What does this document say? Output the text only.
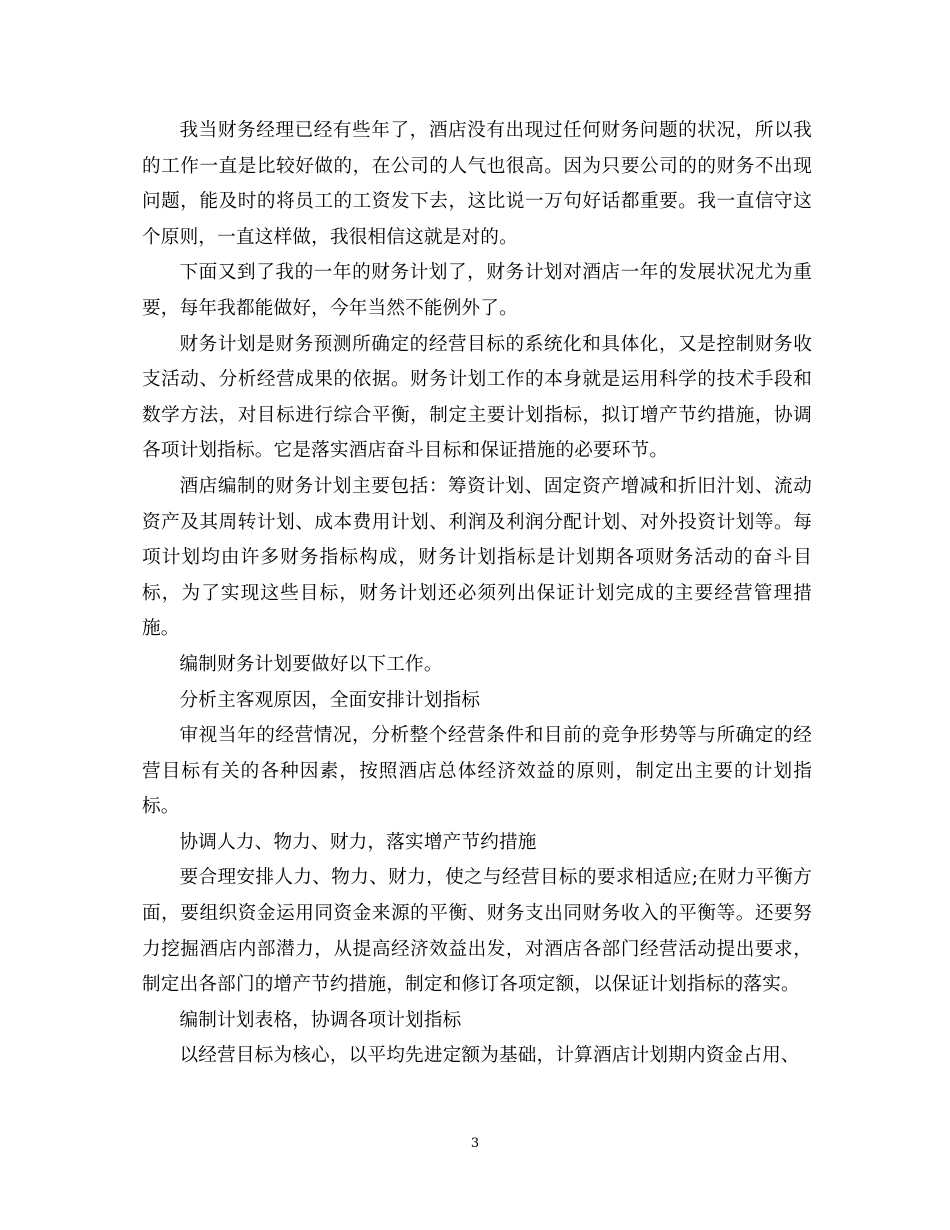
我当财务经理已经有些年了，酒店没有出现过任何财务问题的状况，所以我的工作一直是比较好做的，在公司的人气也很高。因为只要公司的的财务不出现问题，能及时的将员工的工资发下去，这比说一万句好话都重要。我一直信守这个原则，一直这样做，我很相信这就是对的。

下面又到了我的一年的财务计划了，财务计划对酒店一年的发展状况尤为重要，每年我都能做好，今年当然不能例外了。

财务计划是财务预测所确定的经营目标的系统化和具体化，又是控制财务收支活动、分析经营成果的依据。财务计划工作的本身就是运用科学的技术手段和数学方法，对目标进行综合平衡，制定主要计划指标，拟订增产节约措施，协调各项计划指标。它是落实酒店奋斗目标和保证措施的必要环节。

酒店编制的财务计划主要包括：筹资计划、固定资产增减和折旧汁划、流动资产及其周转计划、成本费用计划、利润及利润分配计划、对外投资计划等。每项计划均由许多财务指标构成，财务计划指标是计划期各项财务活动的奋斗目标，为了实现这些目标，财务计划还必须列出保证计划完成的主要经营管理措施。

编制财务计划要做好以下工作。

分析主客观原因，全面安排计划指标

审视当年的经营情况，分析整个经营条件和目前的竞争形势等与所确定的经营目标有关的各种因素，按照酒店总体经济效益的原则，制定出主要的计划指标。

协调人力、物力、财力，落实增产节约措施

要合理安排人力、物力、财力，使之与经营目标的要求相适应;在财力平衡方面，要组织资金运用同资金来源的平衡、财务支出同财务收入的平衡等。还要努力挖掘酒店内部潜力，从提高经济效益出发，对酒店各部门经营活动提出要求，制定出各部门的增产节约措施，制定和修订各项定额，以保证计划指标的落实。

编制计划表格，协调各项计划指标

以经营目标为核心，以平均先进定额为基础，计算酒店计划期内资金占用、

3
